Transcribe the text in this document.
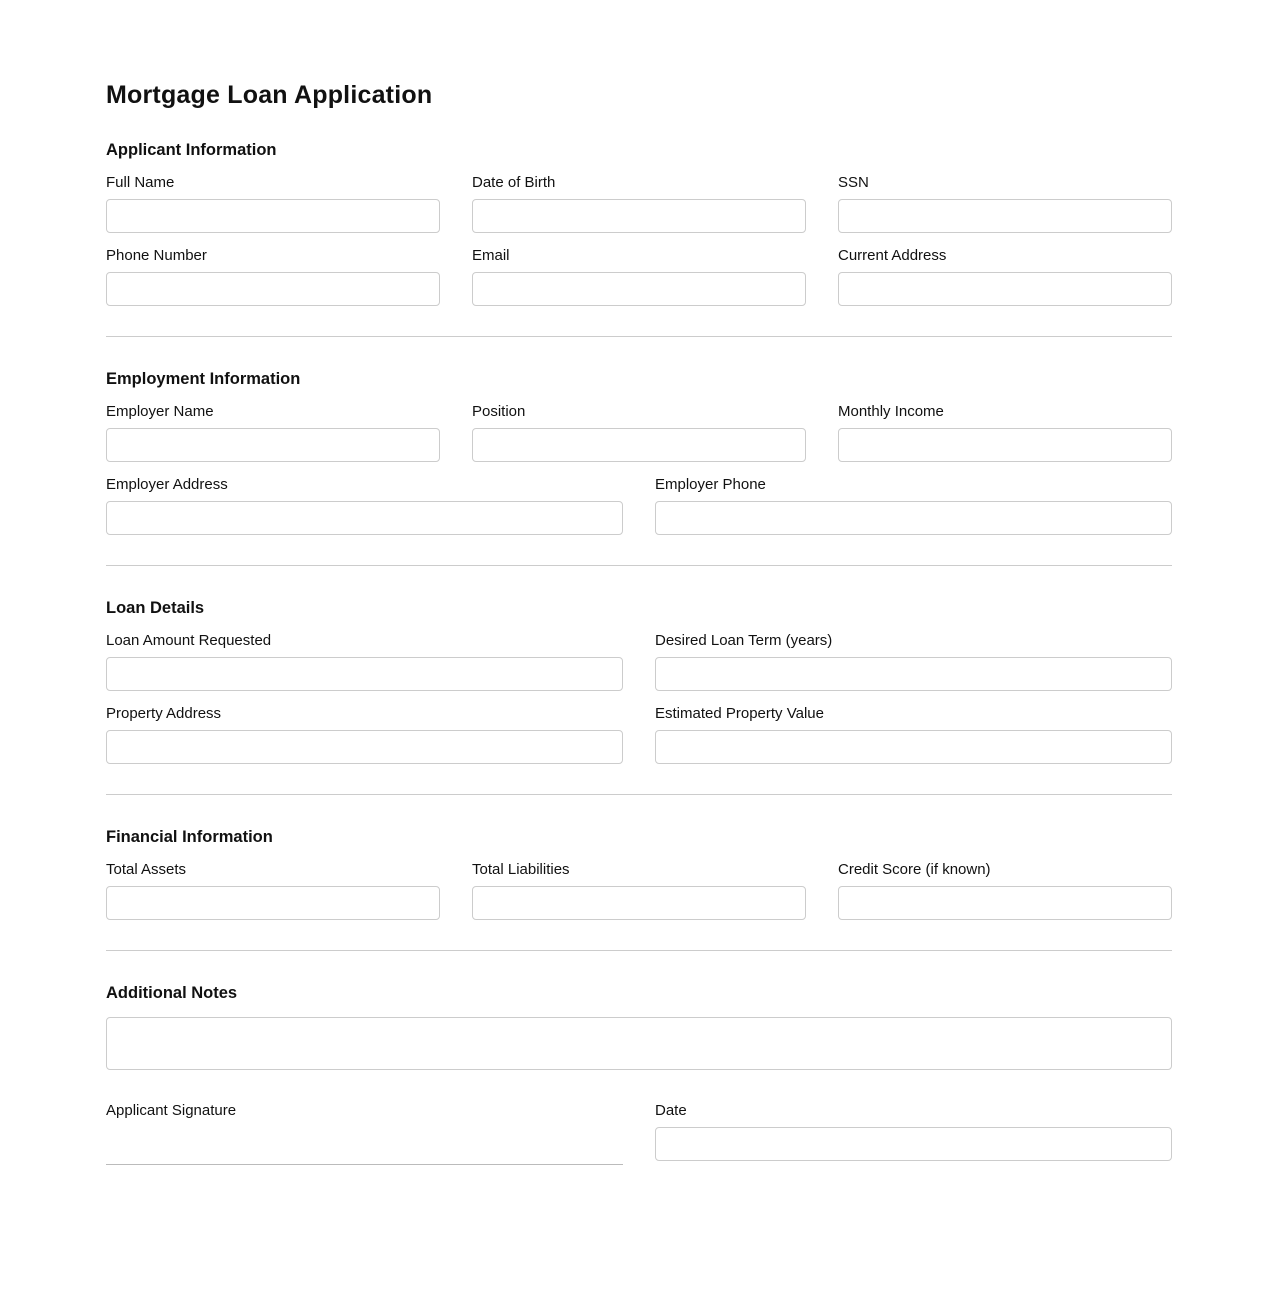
Mortgage Loan Application
Applicant Information
Full Name	Date of Birth	SSN
Phone Number	Email	Current Address
Employment Information
Employer Name	Position	Monthly Income
Employer Address	Employer Phone
Loan Details
Loan Amount Requested	Desired Loan Term (years)
Property Address	Estimated Property Value
Financial Information
Total Assets	Total Liabilities	Credit Score (if known)
Additional Notes
Applicant Signature	Date
